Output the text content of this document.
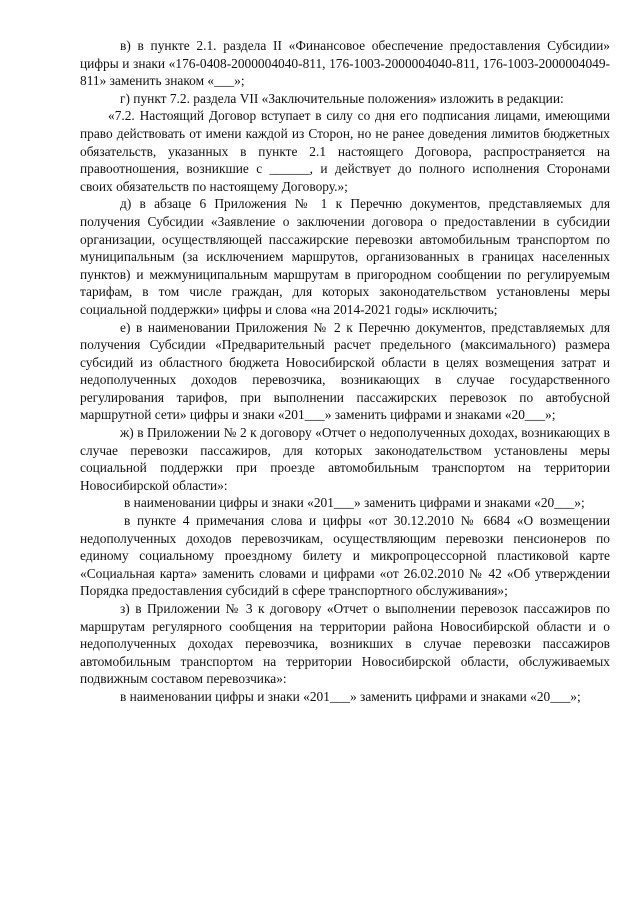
в) в пункте 2.1. раздела II «Финансовое обеспечение предоставления Субсидии» цифры и знаки «176-0408-2000004040-811, 176-1003-2000004040-811, 176-1003-2000004049-811» заменить знаком «___»;

г) пункт 7.2. раздела VII «Заключительные положения» изложить в редакции:

«7.2. Настоящий Договор вступает в силу со дня его подписания лицами, имеющими право действовать от имени каждой из Сторон, но не ранее доведения лимитов бюджетных обязательств, указанных в пункте 2.1 настоящего Договора, распространяется на правоотношения, возникшие с ______, и действует до полного исполнения Сторонами своих обязательств по настоящему Договору.»;

д) в абзаце 6 Приложения № 1 к Перечню документов, представляемых для получения Субсидии «Заявление о заключении договора о предоставлении в субсидии организации, осуществляющей пассажирские перевозки автомобильным транспортом по муниципальным (за исключением маршрутов, организованных в границах населенных пунктов) и межмуниципальным маршрутам в пригородном сообщении по регулируемым тарифам, в том числе граждан, для которых законодательством установлены меры социальной поддержки» цифры и слова «на 2014-2021 годы» исключить;

е) в наименовании Приложения № 2 к Перечню документов, представляемых для получения Субсидии «Предварительный расчет предельного (максимального) размера субсидий из областного бюджета Новосибирской области в целях возмещения затрат и недополученных доходов перевозчика, возникающих в случае государственного регулирования тарифов, при выполнении пассажирских перевозок по автобусной маршрутной сети» цифры и знаки «201___» заменить цифрами и знаками «20___»;

ж) в Приложении № 2 к договору «Отчет о недополученных доходах, возникающих в случае перевозки пассажиров, для которых законодательством установлены меры социальной поддержки при проезде автомобильным транспортом на территории Новосибирской области»:

в наименовании цифры и знаки «201___» заменить цифрами и знаками «20___»;

в пункте 4 примечания слова и цифры «от 30.12.2010 № 6684 «О возмещении недополученных доходов перевозчикам, осуществляющим перевозки пенсионеров по единому социальному проездному билету и микропроцессорной пластиковой карте «Социальная карта» заменить словами и цифрами «от 26.02.2010 № 42 «Об утверждении Порядка предоставления субсидий в сфере транспортного обслуживания»;

з) в Приложении № 3 к договору «Отчет о выполнении перевозок пассажиров по маршрутам регулярного сообщения на территории района Новосибирской области и о недополученных доходах перевозчика, возникших в случае перевозки пассажиров автомобильным транспортом на территории Новосибирской области, обслуживаемых подвижным составом перевозчика»:

в наименовании цифры и знаки «201___» заменить цифрами и знаками «20___»;
